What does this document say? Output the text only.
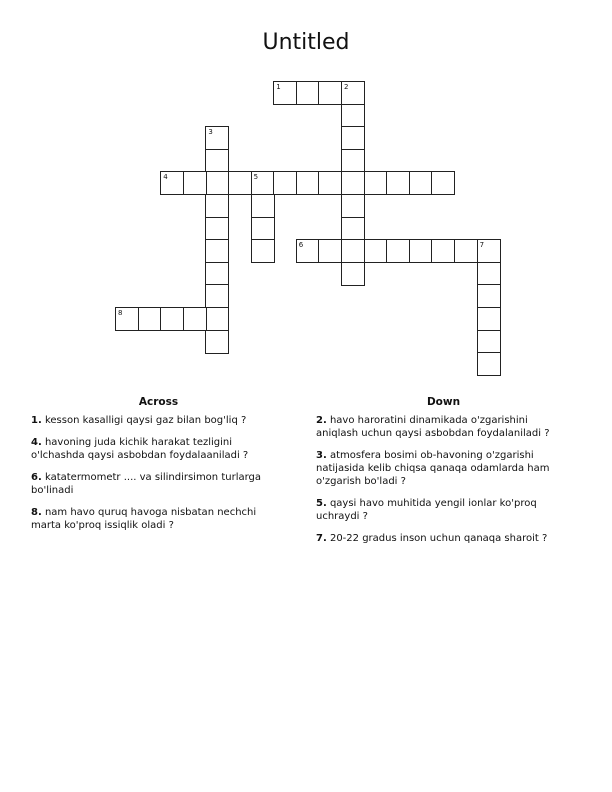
Untitled
1	2
3
4	5
6	7
8
Across
1. kesson kasalligi qaysi gaz bilan bog'liq ?
4. havoning juda kichik harakat tezligini o'lchashda qaysi asbobdan foydalaaniladi ?
6. katatermometr .... va silindirsimon turlarga bo'linadi
8. nam havo quruq havoga nisbatan nechchi marta ko'proq issiqlik oladi ?
Down
2. havo haroratini dinamikada o'zgarishini aniqlash uchun qaysi asbobdan foydalaniladi ?
3. atmosfera bosimi ob-havoning o'zgarishi natijasida kelib chiqsa qanaqa odamlarda ham o'zgarish bo'ladi ?
5. qaysi havo muhitida yengil ionlar ko'proq uchraydi ?
7. 20-22 gradus inson uchun qanaqa sharoit ?
